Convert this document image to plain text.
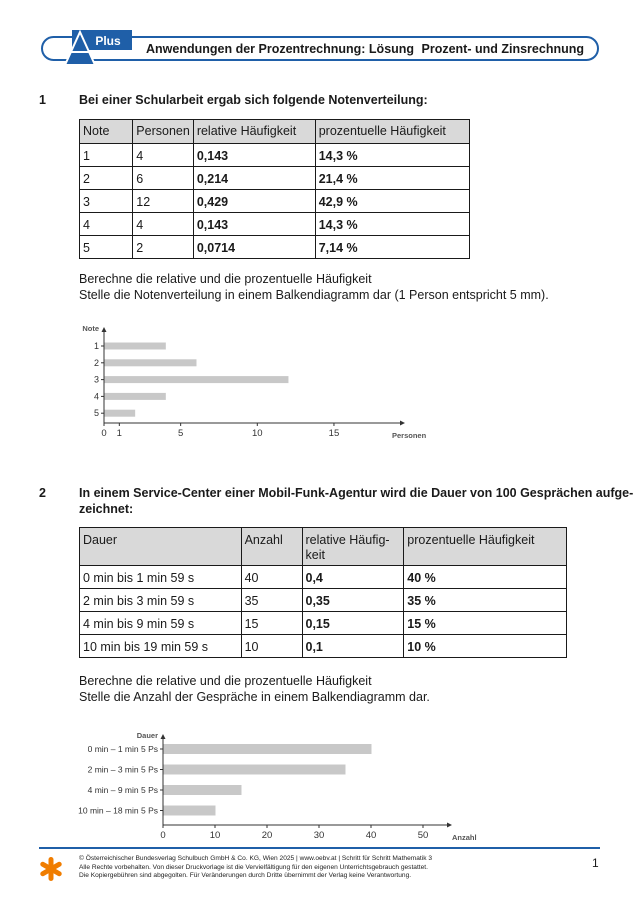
Plus
Anwendungen der Prozentrechnung: Lösung Prozent- und Zinsrechnung
1	Bei einer Schularbeit ergab sich folgende Notenverteilung:
Note	Personen	relative Häufigkeit	prozentuelle Häufigkeit
1	4	0,143	14,3 %
2	6	0,214	21,4 %
3	12	0,429	42,9 %
4	4	0,143	14,3 %
5	2	0,0714	7,14 %
Berechne die relative und die prozentuelle Häufigkeit
Stelle die Notenverteilung in einem Balkendiagramm dar (1 Person entspricht 5 mm).
Note
Personen
0 1	5	10	15
1
2
3
4
5
2	In einem Service-Center einer Mobil-Funk-Agentur wird die Dauer von 100 Gesprächen aufge-
zeichnet:
Dauer	Anzahl	relative Häufig-
keit	prozentuelle Häufigkeit
0 min bis 1 min 59 s	40	0,4	40 %
2 min bis 3 min 59 s	35	0,35	35 %
4 min bis 9 min 59 s	15	0,15	15 %
10 min bis 19 min 59 s	10	0,1	10 %
Berechne die relative und die prozentuelle Häufigkeit
Stelle die Anzahl der Gespräche in einem Balkendiagramm dar.
Dauer
Anzahl
0	10	20	30	40	50
0 min – 1 min 5 Ps
2 min – 3 min 5 Ps
4 min – 9 min 5 Ps
10 min – 18 min 5 Ps
© Österreichischer Bundesverlag Schulbuch GmbH & Co. KG, Wien 2025 | www.oebv.at | Schritt für Schritt Mathematik 3
Alle Rechte vorbehalten. Von dieser Druckvorlage ist die Vervielfältigung für den eigenen Unterrichtsgebrauch gestattet.
Die Kopiergebühren sind abgegolten. Für Veränderungen durch Dritte übernimmt der Verlag keine Verantwortung.
1
